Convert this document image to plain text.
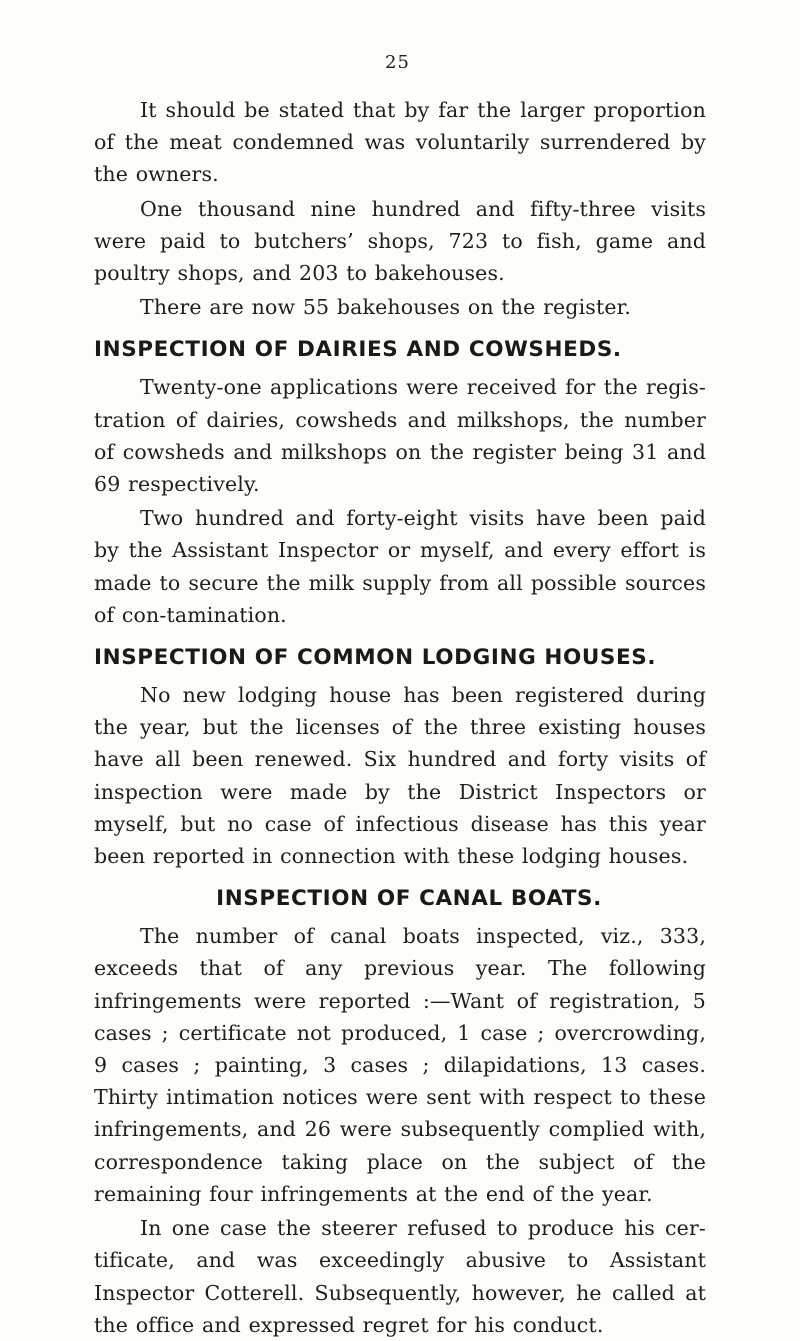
25

It should be stated that by far the larger proportion of the meat condemned was voluntarily surrendered by the owners.

One thousand nine hundred and fifty-three visits were paid to butchers’ shops, 723 to fish, game and poultry shops, and 203 to bakehouses.

There are now 55 bakehouses on the register.

INSPECTION OF DAIRIES AND COWSHEDS.

Twenty-one applications were received for the regis-tration of dairies, cowsheds and milkshops, the number of cowsheds and milkshops on the register being 31 and 69 respectively.

Two hundred and forty-eight visits have been paid by the Assistant Inspector or myself, and every effort is made to secure the milk supply from all possible sources of con-tamination.

INSPECTION OF COMMON LODGING HOUSES.

No new lodging house has been registered during the year, but the licenses of the three existing houses have all been renewed. Six hundred and forty visits of inspection were made by the District Inspectors or myself, but no case of infectious disease has this year been reported in connection with these lodging houses.

INSPECTION OF CANAL BOATS.

The number of canal boats inspected, viz., 333, exceeds that of any previous year. The following infringements were reported :—Want of registration, 5 cases ; certificate not produced, 1 case ; overcrowding, 9 cases ; painting, 3 cases ; dilapidations, 13 cases. Thirty intimation notices were sent with respect to these infringements, and 26 were subsequently complied with, correspondence taking place on the subject of the remaining four infringements at the end of the year.

In one case the steerer refused to produce his cer-tificate, and was exceedingly abusive to Assistant Inspector Cotterell. Subsequently, however, he called at the office and expressed regret for his conduct.
